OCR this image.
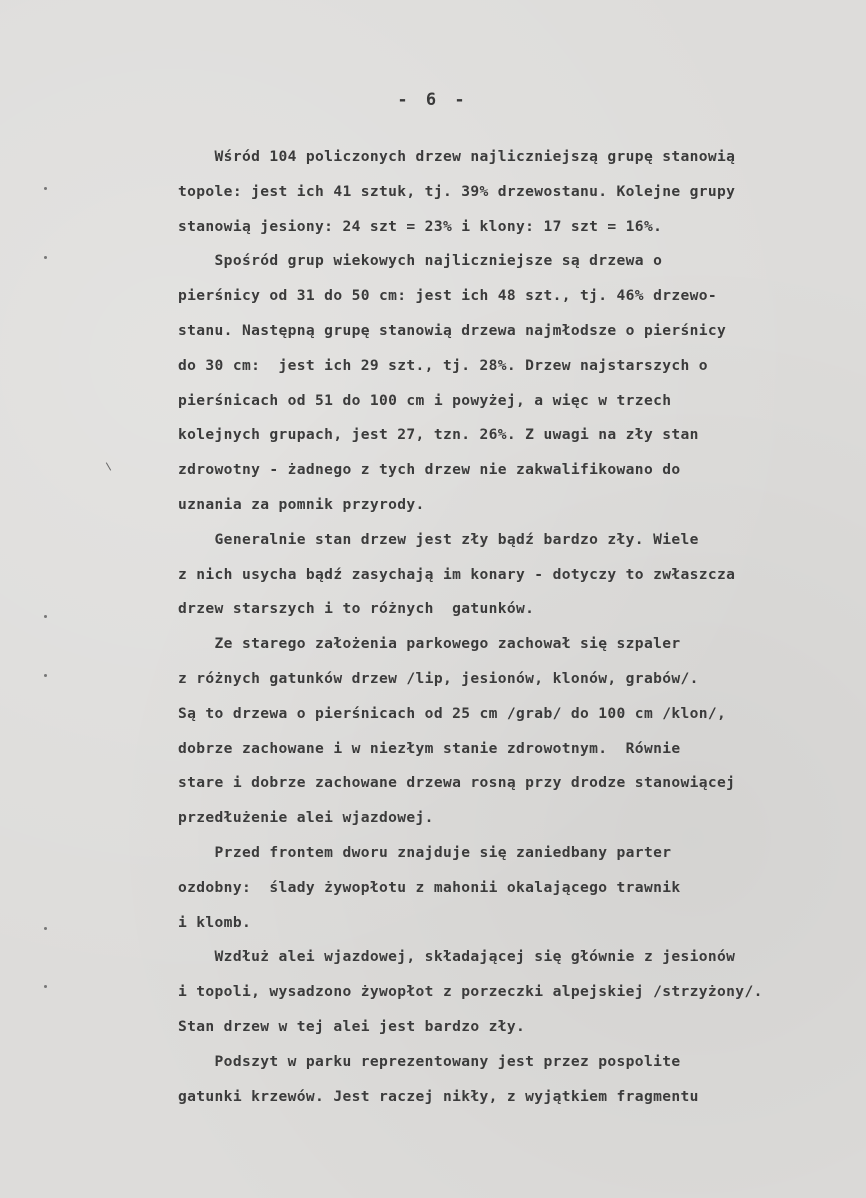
- 6 -
Wśród 104 policzonych drzew najliczniejszą grupę stanowią
topole: jest ich 41 sztuk, tj. 39% drzewostanu. Kolejne grupy
stanowią jesiony: 24 szt = 23% i klony: 17 szt = 16%.
Spośród grup wiekowych najliczniejsze są drzewa o
pierśnicy od 31 do 50 cm: jest ich 48 szt., tj. 46% drzewo-
stanu. Następną grupę stanowią drzewa najmłodsze o pierśnicy
do 30 cm:  jest ich 29 szt., tj. 28%. Drzew najstarszych o
pierśnicach od 51 do 100 cm i powyżej, a więc w trzech
kolejnych grupach, jest 27, tzn. 26%. Z uwagi na zły stan
zdrowotny - żadnego z tych drzew nie zakwalifikowano do
uznania za pomnik przyrody.
Generalnie stan drzew jest zły bądź bardzo zły. Wiele
z nich usycha bądź zasychają im konary - dotyczy to zwłaszcza
drzew starszych i to różnych  gatunków.
Ze starego założenia parkowego zachował się szpaler
z różnych gatunków drzew /lip, jesionów, klonów, grabów/.
Są to drzewa o pierśnicach od 25 cm /grab/ do 100 cm /klon/,
dobrze zachowane i w niezłym stanie zdrowotnym.  Równie
stare i dobrze zachowane drzewa rosną przy drodze stanowiącej
przedłużenie alei wjazdowej.
Przed frontem dworu znajduje się zaniedbany parter
ozdobny:  ślady żywopłotu z mahonii okalającego trawnik
i klomb.
Wzdłuż alei wjazdowej, składającej się głównie z jesionów
i topoli, wysadzono żywopłot z porzeczki alpejskiej /strzyżony/.
Stan drzew w tej alei jest bardzo zły.
Podszyt w parku reprezentowany jest przez pospolite
gatunki krzewów. Jest raczej nikły, z wyjątkiem fragmentu
